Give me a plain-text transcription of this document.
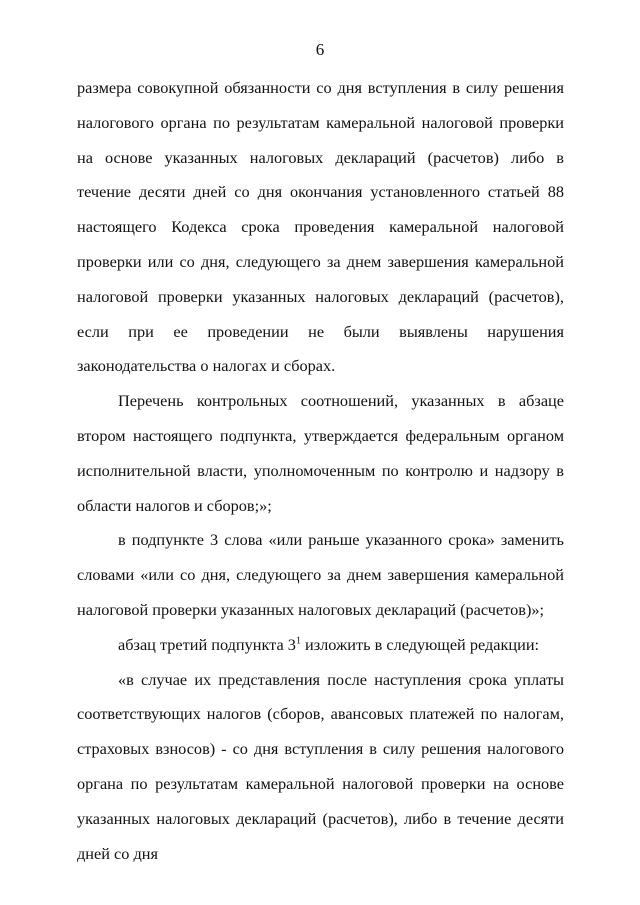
6

размера совокупной обязанности со дня вступления в силу решения налогового органа по результатам камеральной налоговой проверки на основе указанных налоговых деклараций (расчетов) либо в течение десяти дней со дня окончания установленного статьей 88 настоящего Кодекса срока проведения камеральной налоговой проверки или со дня, следующего за днем завершения камеральной налоговой проверки указанных налоговых деклараций (расчетов), если при ее проведении не были выявлены нарушения законодательства о налогах и сборах.

Перечень контрольных соотношений, указанных в абзаце втором настоящего подпункта, утверждается федеральным органом исполнительной власти, уполномоченным по контролю и надзору в области налогов и сборов;»;

в подпункте 3 слова «или раньше указанного срока» заменить словами «или со дня, следующего за днем завершения камеральной налоговой проверки указанных налоговых деклараций (расчетов)»;

абзац третий подпункта $3^1$ изложить в следующей редакции:

«в случае их представления после наступления срока уплаты соответствующих налогов (сборов, авансовых платежей по налогам, страховых взносов) - со дня вступления в силу решения налогового органа по результатам камеральной налоговой проверки на основе указанных налоговых деклараций (расчетов), либо в течение десяти дней со дня
